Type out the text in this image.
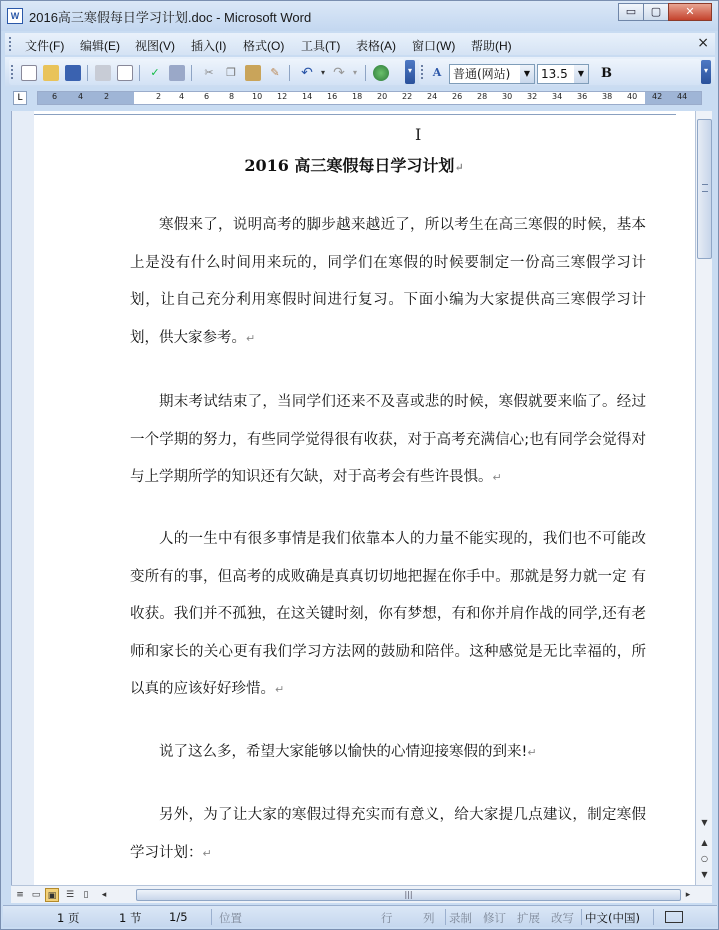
W 2016高三寒假每日学习计划.doc - Microsoft Word	▭	▢	✕
文件(F) 编辑(E) 视图(V) 插入(I) 格式(O) 工具(T) 表格(A) 窗口(W) 帮助(H)	×
✓	✂	❐	✎ ↶	▾ ↷	▾	▾	A 普通(网站)	▼ 13.5	▼	B	▾
L	6	4	2	2 4 6 8 10 12 14 16 18 20 22 24 26 28 30 32 34 36 38 40 42 44
I
2016 高三寒假每日学习计划↵
寒假来了，说明高考的脚步越来越近了，所以考生在高三寒假的时候，基本上是没有什么时间用来玩的，同学们在寒假的时候要制定一份高三寒假学习计划，让自己充分利用寒假时间进行复习。下面小编为大家提供高三寒假学习计划，供大家参考。↵
期末考试结束了，当同学们还来不及喜或悲的时候，寒假就要来临了。经过一个学期的努力，有些同学觉得很有收获，对于高考充满信心;也有同学会觉得对与上学期所学的知识还有欠缺，对于高考会有些许畏惧。↵
人的一生中有很多事情是我们依靠本人的力量不能实现的，我们也不可能改变所有的事，但高考的成败确是真真切切地把握在你手中。那就是努力就一定 有收获。我们并不孤独，在这关键时刻，你有梦想，有和你并肩作战的同学,还有老师和家长的关心更有我们学习方法网的鼓励和陪伴。这种感觉是无比幸福的，所 以真的应该好好珍惜。↵
说了这么多，希望大家能够以愉快的心情迎接寒假的到来!↵
另外，为了让大家的寒假过得充实而有意义，给大家提几点建议，制定寒假学习计划：↵
▼
▲
○
▼
≡ ▭ ▣	☰	▯	◂	|||	▸
1 页	1 节 1/5	位置	行	列 录制 修订 扩展 改写 中文(中国)
